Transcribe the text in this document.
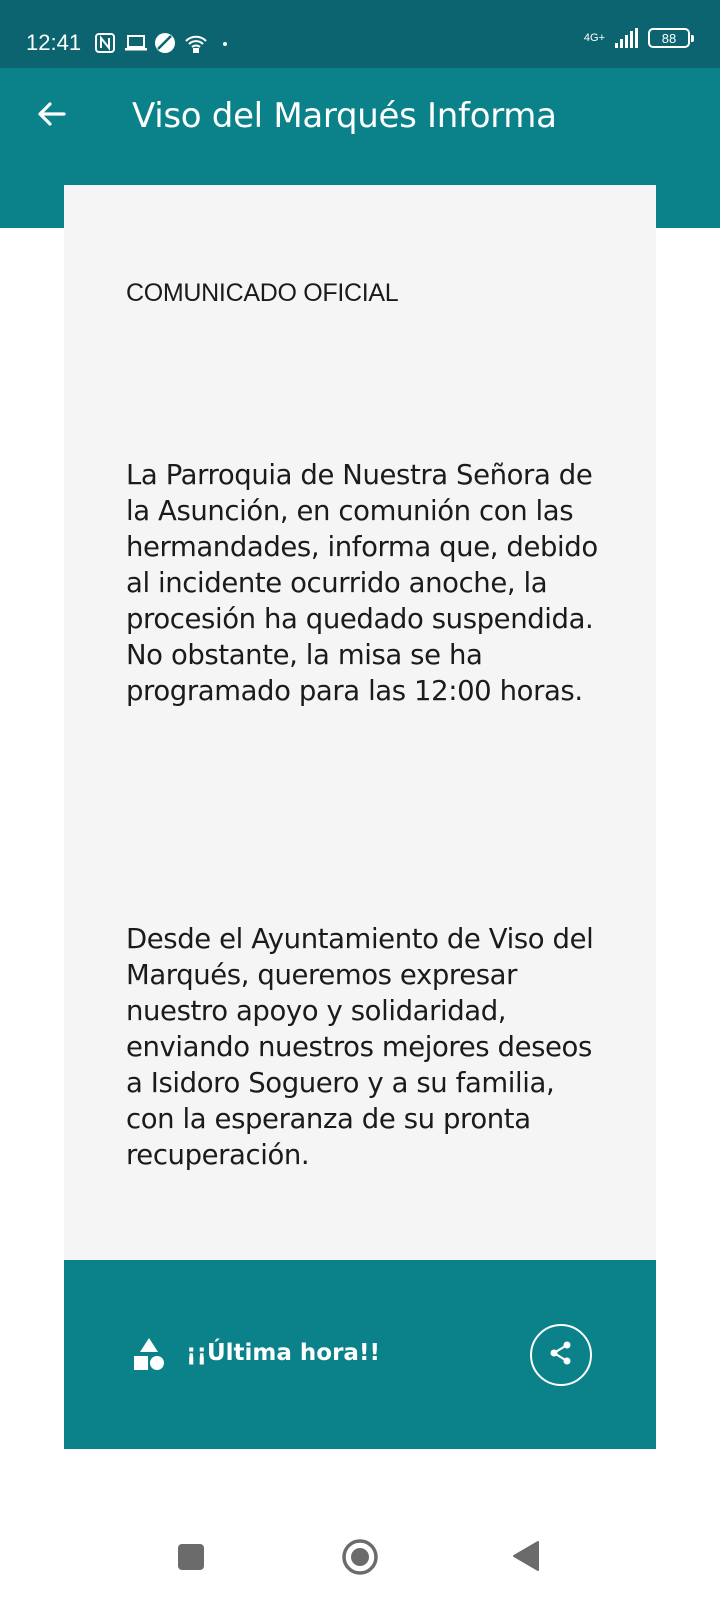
12:41	4G+	88
Viso del Marqués Informa
COMUNICADO OFICIAL
La Parroquia de Nuestra Señora de la Asunción, en comunión con las hermandades, informa que, debido al incidente ocurrido anoche, la procesión ha quedado suspendida. No obstante, la misa se ha programado para las 12:00 horas.
Desde el Ayuntamiento de Viso del Marqués, queremos expresar nuestro apoyo y solidaridad, enviando nuestros mejores deseos a Isidoro Soguero y a su familia, con la esperanza de su pronta recuperación.
¡¡Última hora!!
